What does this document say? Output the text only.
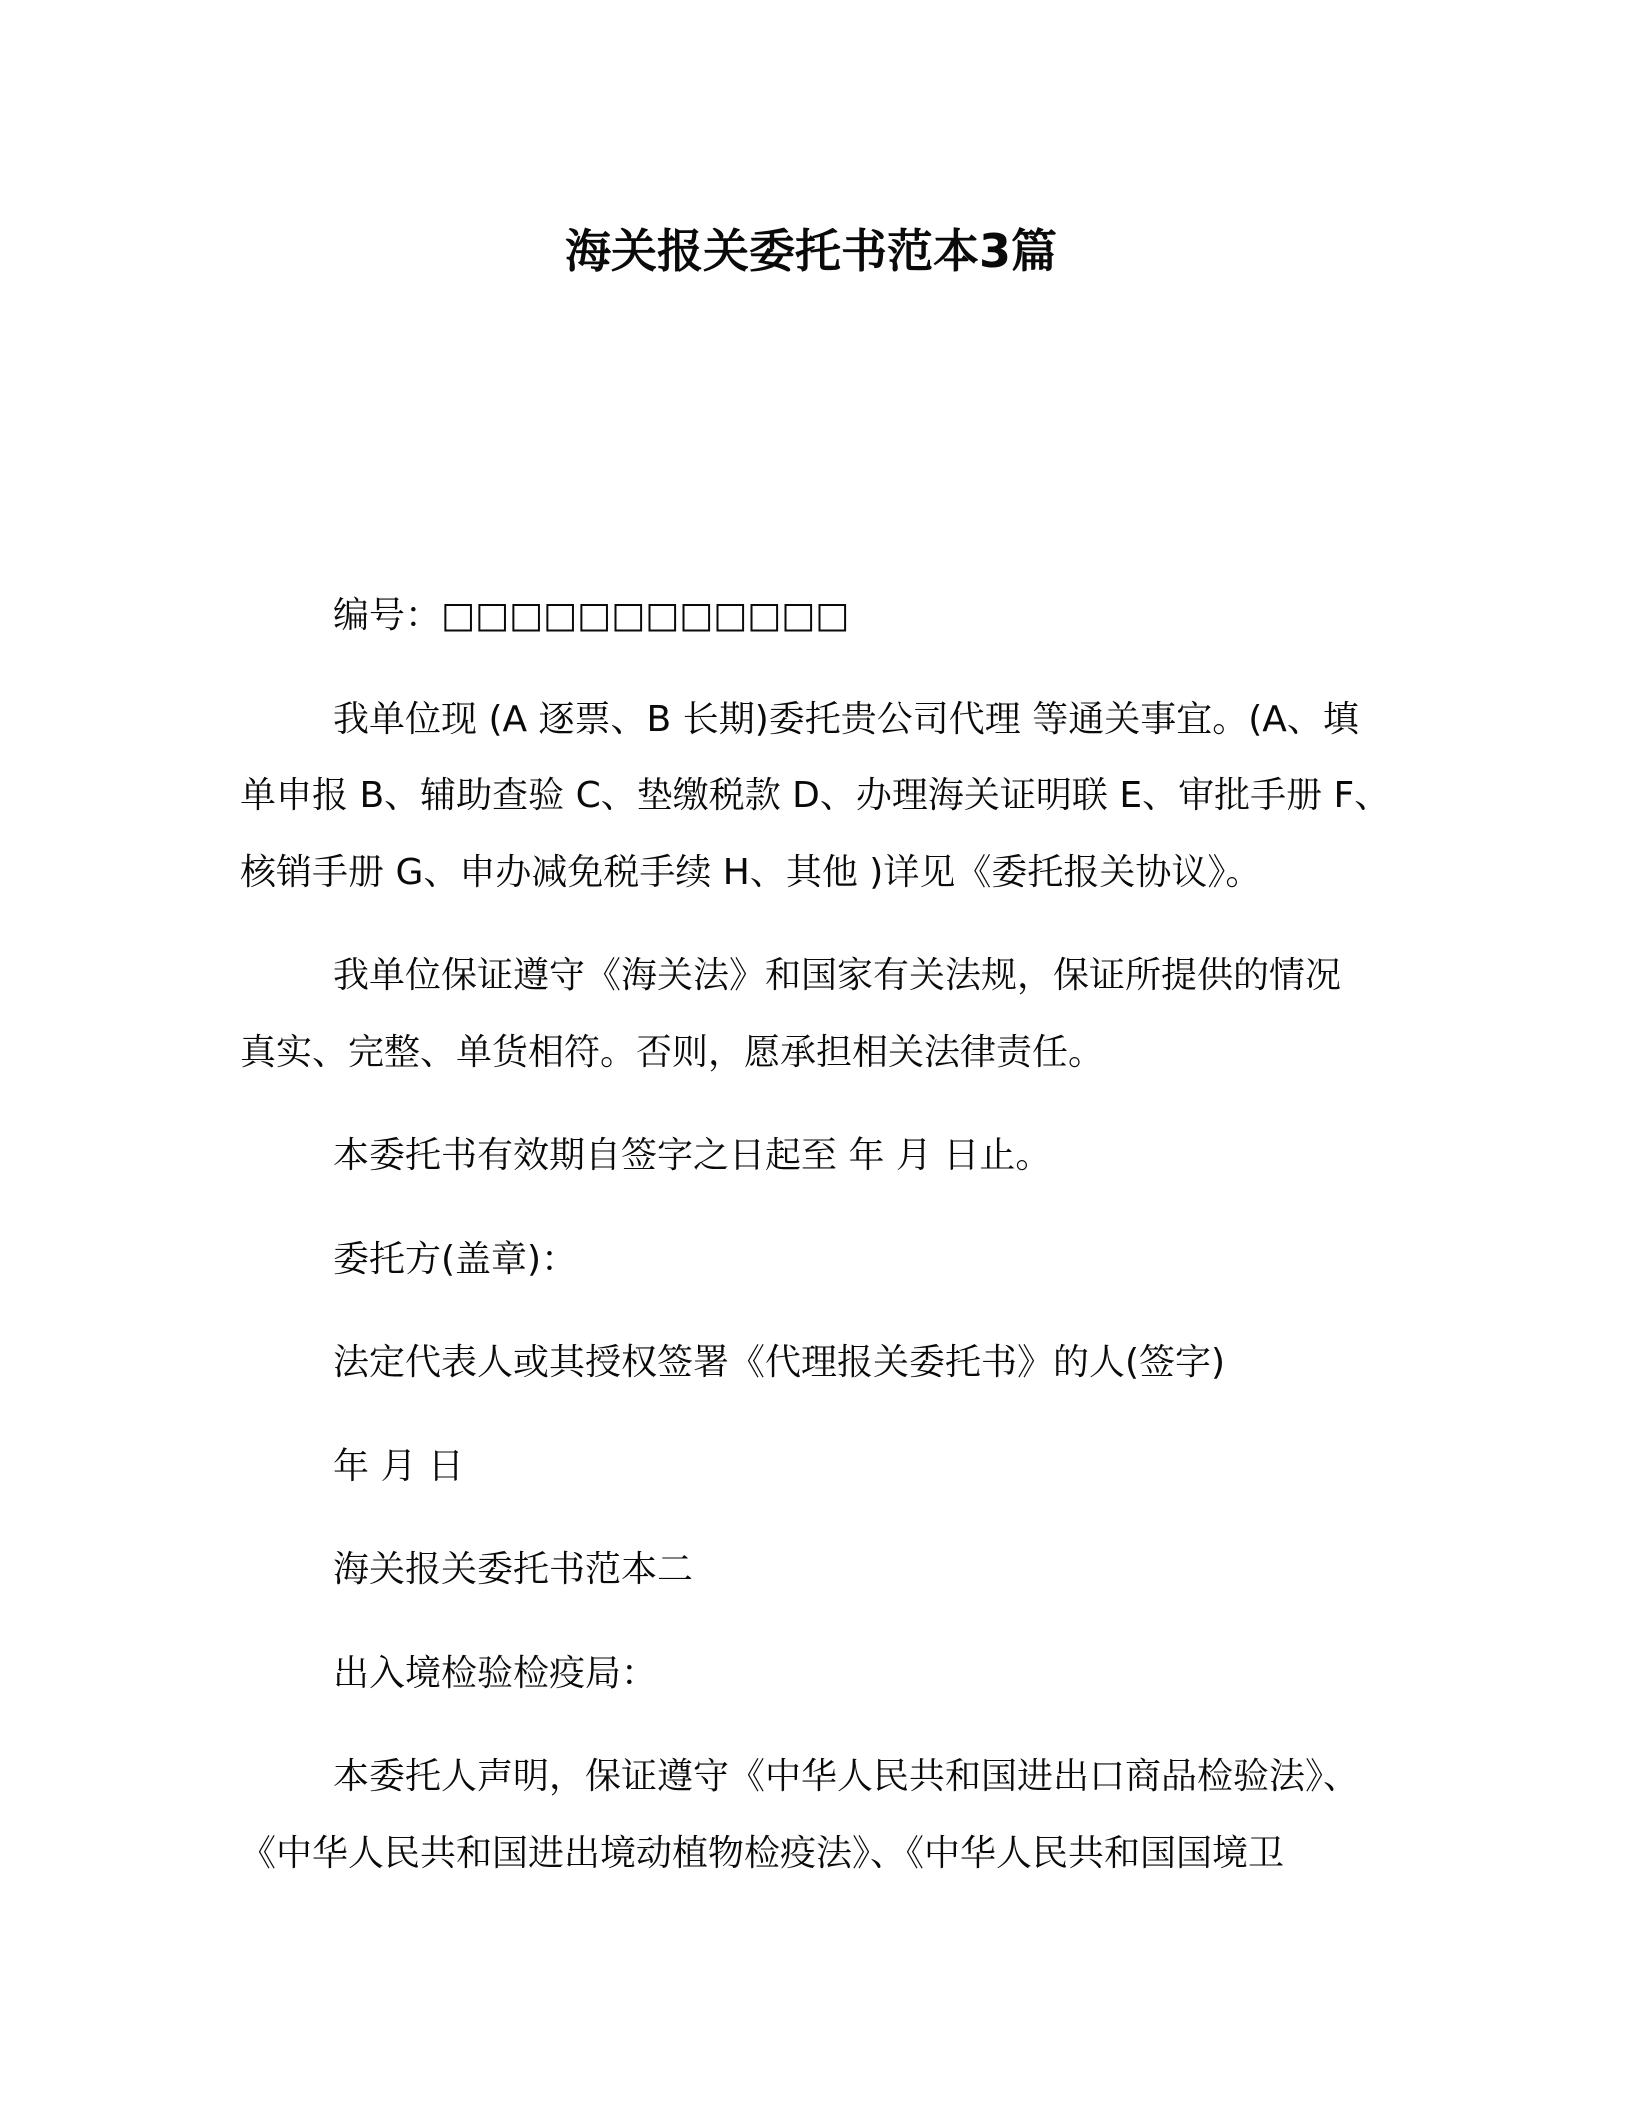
海关报关委托书范本3篇
编号：□□□□□□□□□□□□
我单位现 (A 逐票、B 长期)委托贵公司代理 等通关事宜。(A、填
单申报 B、辅助查验 C、垫缴税款 D、办理海关证明联 E、审批手册 F、
核销手册 G、申办减免税手续 H、其他 )详见《委托报关协议》。
我单位保证遵守《海关法》和国家有关法规，保证所提供的情况
真实、完整、单货相符。否则，愿承担相关法律责任。
本委托书有效期自签字之日起至 年 月 日止。
委托方(盖章)：
法定代表人或其授权签署《代理报关委托书》的人(签字)
年 月 日
海关报关委托书范本二
出入境检验检疫局：
本委托人声明，保证遵守《中华人民共和国进出口商品检验法》、
《中华人民共和国进出境动植物检疫法》、《中华人民共和国国境卫
